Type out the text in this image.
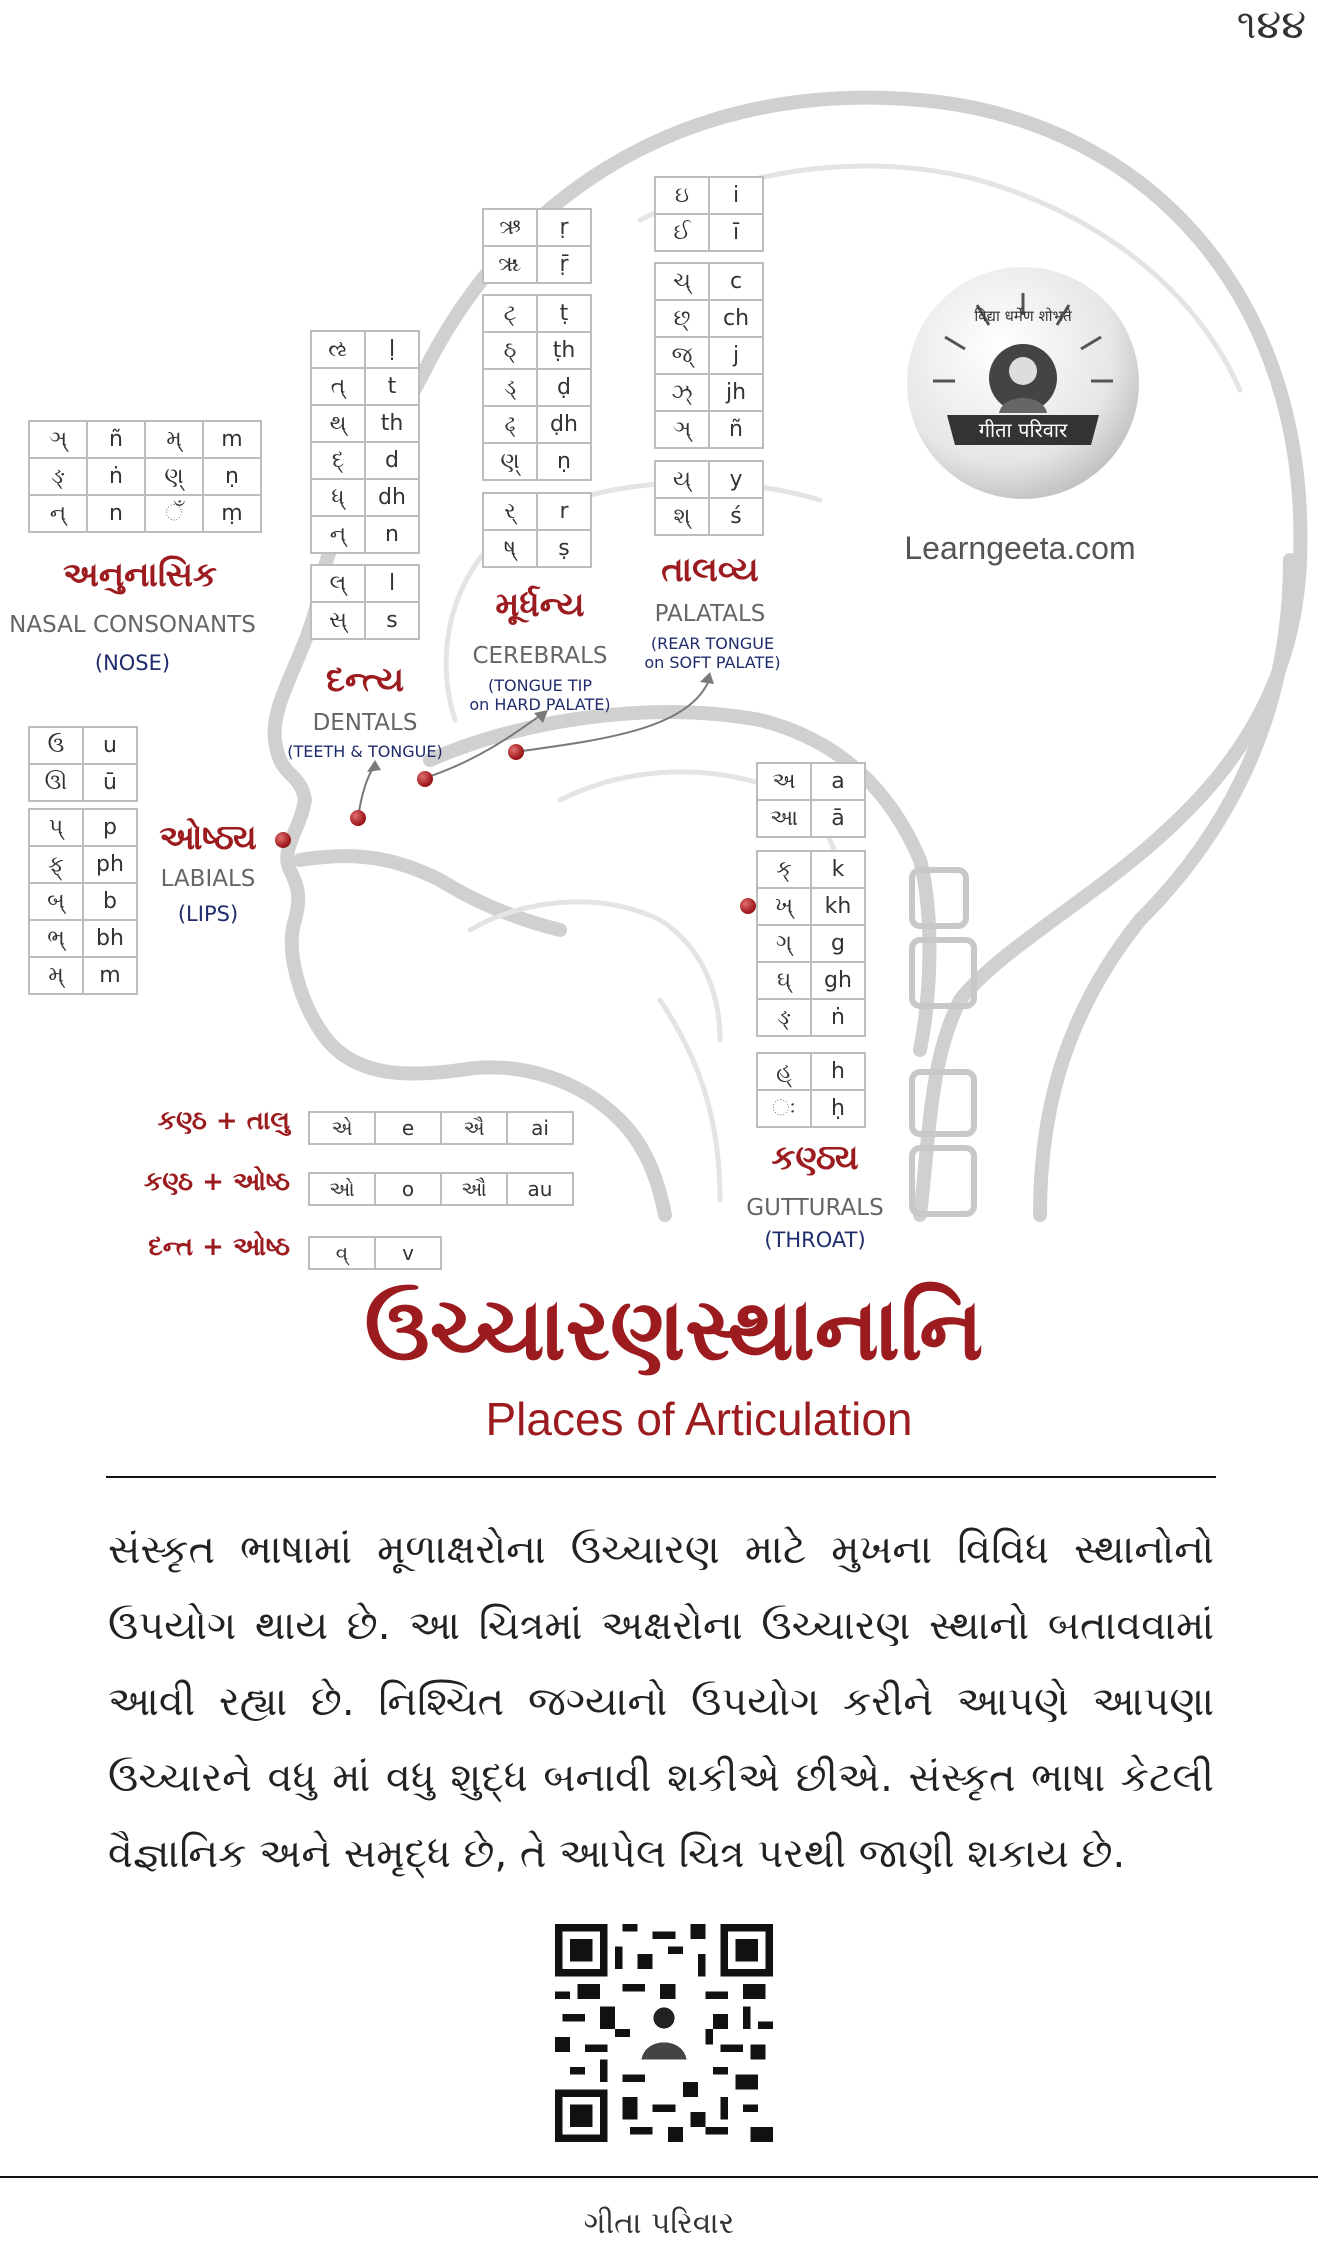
૧૪૪
गीता परिवार
विद्या धर्मेण शोभते
Learngeeta.com
ઞ્	ñ	મ્	m
ઙ્	ṅ	ણ્	ṇ
ન્	n	ઁ	ṃ
અનુનાસિક
NASAL CONSONANTS
(NOSE)
ઌ	ḷ
ત્	t
થ્	th
દ્	d
ધ્	dh
ન્	n
લ્	l
સ્	s
દન્ત્ય
DENTALS
(TEETH & TONGUE)
ઋ	ṛ
ૠ	ṝ
ટ્	ṭ
ઠ્	ṭh
ડ્	ḍ
ઢ્	ḍh
ણ્	ṇ
ર્	r
ષ્	ṣ
મૂર્ધન્ય
CEREBRALS
(TONGUE TIP
on HARD PALATE)
ઇ	i
ઈ	ī
ચ્	c
છ્	ch
જ્	j
ઝ્	jh
ઞ્	ñ
ય્	y
શ્	ś
તાલવ્ય
PALATALS
(REAR TONGUE
on SOFT PALATE)
ઉ	u
ઊ	ū
પ્	p
ફ્	ph
બ્	b
ભ્	bh
મ્	m
ઓષ્ઠ્ય
LABIALS
(LIPS)
અ	a
આ	ā
ક્	k
ખ્	kh
ગ્	g
ઘ્	gh
ઙ્	ṅ
હ્	h
ઃ	ḥ
કણ્ઠ્ય
GUTTURALS
(THROAT)
કણ્ઠ + તાલુ એ	e	ઐ	ai
કણ્ઠ + ઓષ્ઠ ઓ	o	ઔ	au
દન્ત + ઓષ્ઠ વ્	v
ઉચ્ચારણસ્થાનાનિ
Places of Articulation
સંસ્કૃત ભાષામાં મૂળાક્ષરોના ઉચ્ચારણ માટે મુખના વિવિધ સ્થાનોનો ઉપયોગ થાય છે. આ ચિત્રમાં અક્ષરોના ઉચ્ચારણ સ્થાનો બતાવવામાં આવી રહ્યા છે. નિશ્ચિત જગ્યાનો ઉપયોગ કરીને આપણે આપણા ઉચ્ચારને વધુ માં વધુ શુદ્ધ બનાવી શકીએ છીએ. સંસ્કૃત ભાષા કેટલી વૈજ્ઞાનિક અને સમૃદ્ધ છે, તે આપેલ ચિત્ર પરથી જાણી શકાય છે.
ગીતા પરિવાર
